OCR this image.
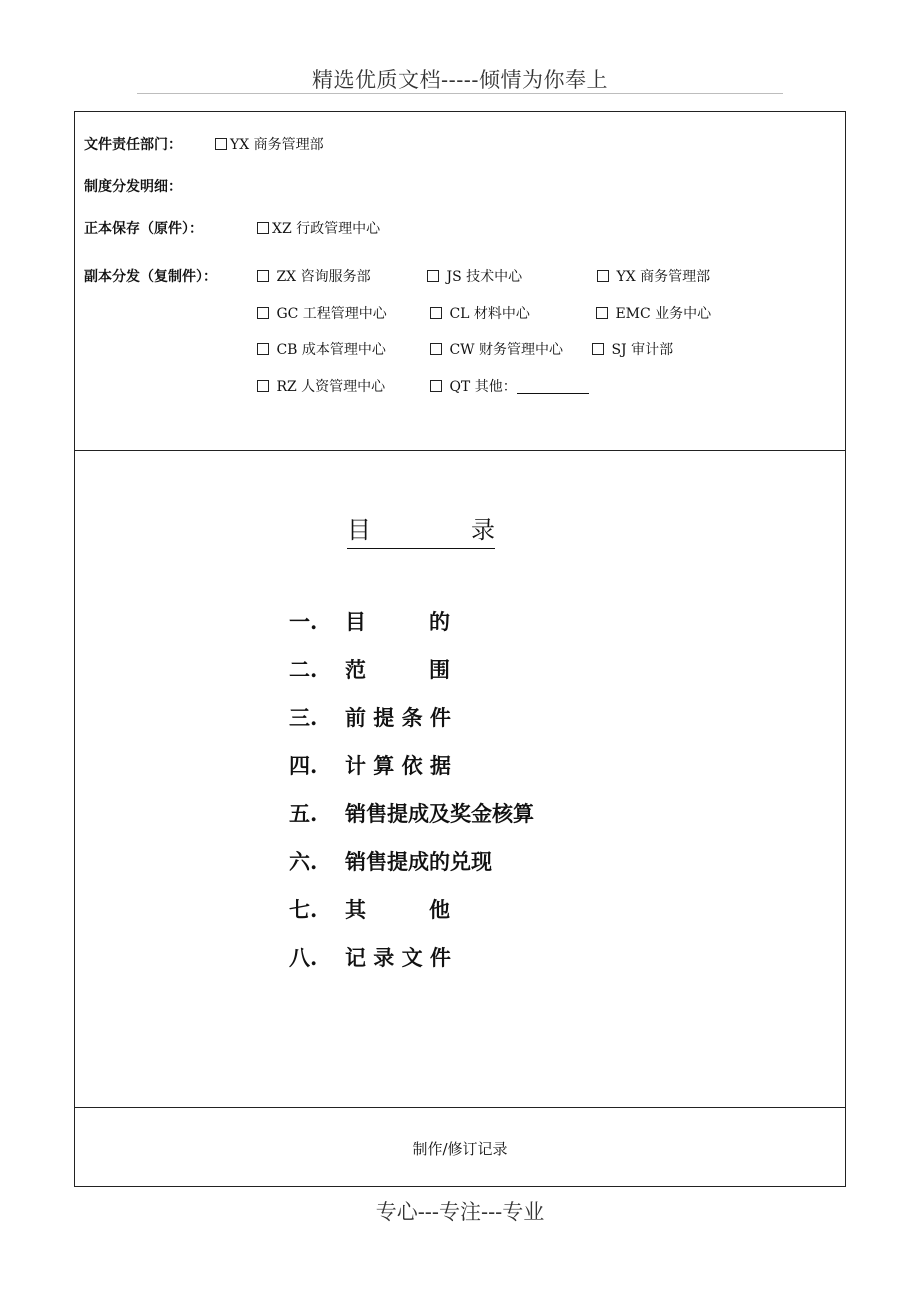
精选优质文档-----倾情为你奉上
文件责任部门：	YX 商务管理部
制度分发明细：
正本保存（原件）：	XZ 行政管理中心
副本分发（复制件）：	ZX 咨询服务部	JS 技术中心	YX 商务管理部
GC 工程管理中心	CL 材料中心	EMC 业务中心
CB 成本管理中心	CW 财务管理中心	SJ 审计部
RZ 人资管理中心	QT 其他：
目	录
一. 目　　　的
二. 范　　　围
三. 前 提 条 件
四. 计 算 依 据
五. 销售提成及奖金核算
六. 销售提成的兑现
七. 其　　　他
八. 记 录 文 件
制作/修订记录
专心---专注---专业
